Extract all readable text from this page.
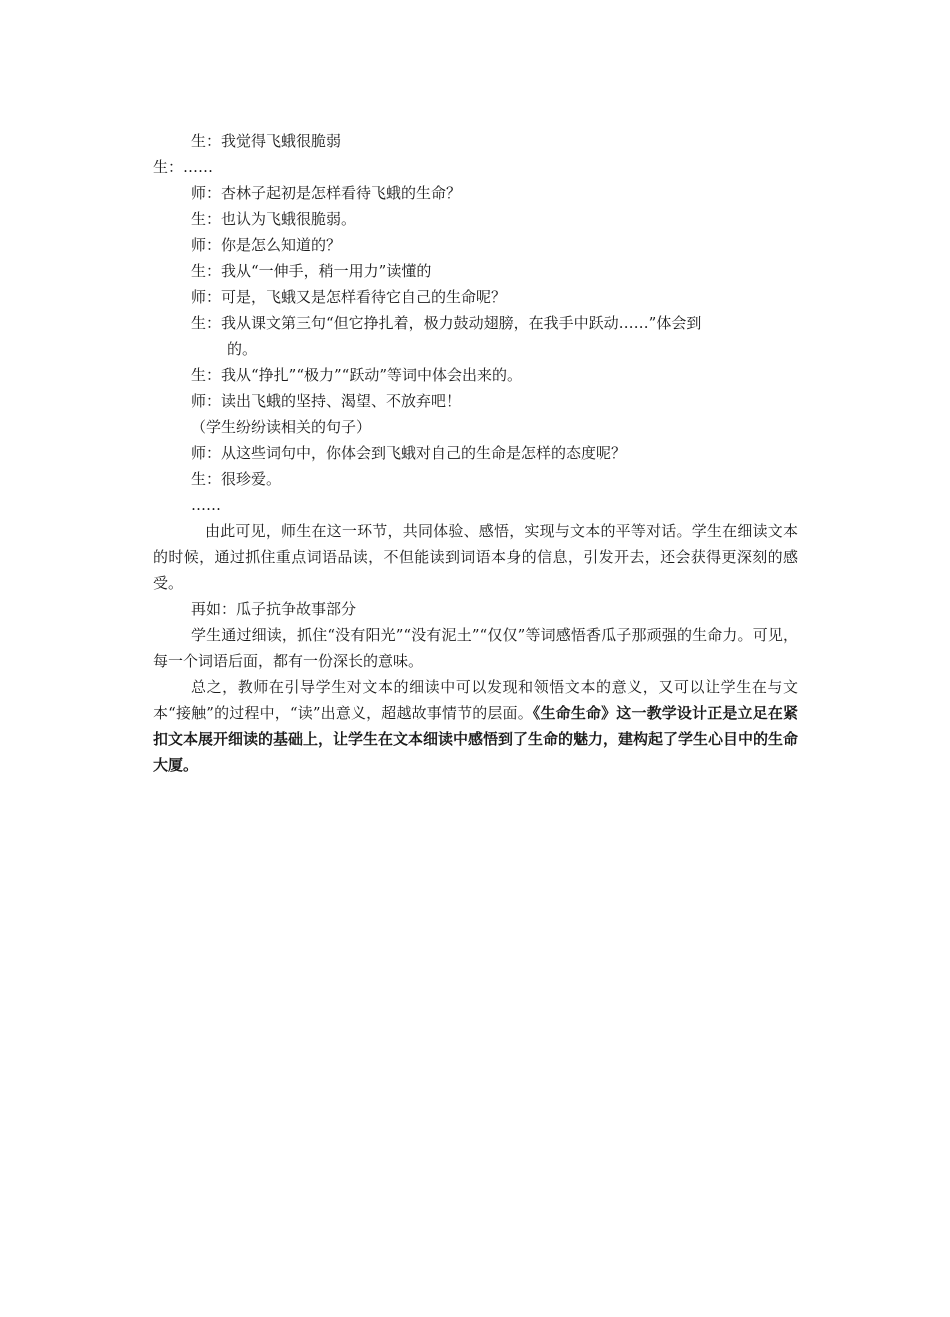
生：我觉得飞蛾很脆弱
生：……
师：杏林子起初是怎样看待飞蛾的生命？
生：也认为飞蛾很脆弱。
师：你是怎么知道的？
生：我从“一伸手，稍一用力”读懂的
师：可是，飞蛾又是怎样看待它自己的生命呢？
生：我从课文第三句“但它挣扎着，极力鼓动翅膀，在我手中跃动……”体会到
的。
生：我从“挣扎”“极力”“跃动”等词中体会出来的。
师：读出飞蛾的坚持、渴望、不放弃吧！
（学生纷纷读相关的句子）
师：从这些词句中，你体会到飞蛾对自己的生命是怎样的态度呢？
生：很珍爱。
……

由此可见，师生在这一环节，共同体验、感悟，实现与文本的平等对话。学生在细读文本的时候，通过抓住重点词语品读，不但能读到词语本身的信息，引发开去，还会获得更深刻的感受。

再如：瓜子抗争故事部分

学生通过细读，抓住“没有阳光”“没有泥土”“仅仅”等词感悟香瓜子那顽强的生命力。可见，每一个词语后面，都有一份深长的意味。

总之，教师在引导学生对文本的细读中可以发现和领悟文本的意义，又可以让学生在与文本“接触”的过程中，“读”出意义，超越故事情节的层面。《生命生命》这一教学设计正是立足在紧扣文本展开细读的基础上，让学生在文本细读中感悟到了生命的魅力，建构起了学生心目中的生命大厦。
